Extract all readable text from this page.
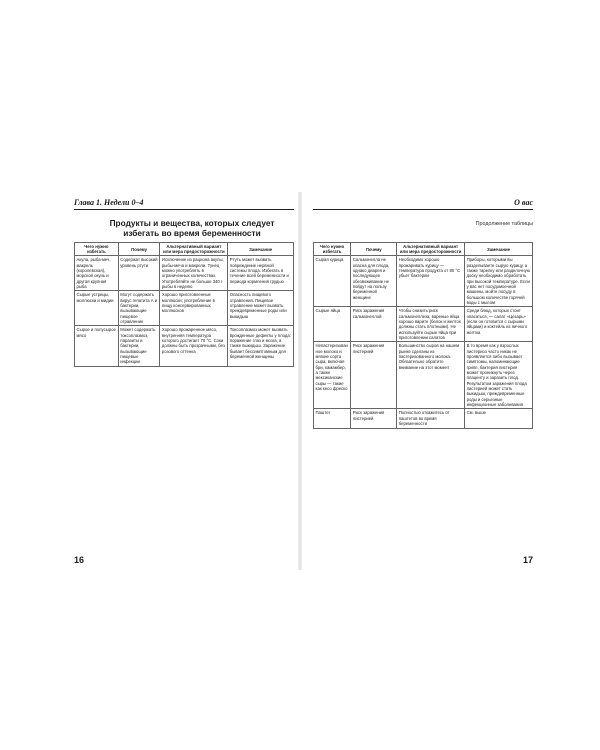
Глава 1. Недели 0–4
Продукты и вещества, которых следует избегать во время беременности
Чего нужно избегать	Почему	Альтернативный вариант или мера предосторожности	Замечание
Акула, рыба-меч, макрель (королевская), морской окунь и другая крупная рыба	Содержат высокий уровень ртути	Исключение из рациона акулы, рыбы-меча и макрели. Тунец можно употреблять в ограниченных количествах. Употребляйте не больше 340 г рыбы в неделю	Ртуть может вызвать повреждение нервной системы плода. Избегать в течение всей беременности и периода кормления грудью
Сырые устрицы, моллюски и мидии	Могут содержать вирус гепатита А и бактерии, вызывающие пищевое отравление	Хорошо приготовленные моллюски; употребление в пищу консервированных моллюсков	Опасность пищевого отравления. Пищевое отравление может вызвать преждевременные роды или выкидыш
Сырое и полусырое мясо	Может содержать токсоплазмоз, паразиты и бактерии, вызывающие пищевые инфекции	Хорошо прожаренное мясо, внутренняя температура которого достигает 70 °С. Соки должны быть прозрачными, без розового оттенка	Токсоплазмоз может вызвать врожденные дефекты у плода: поражение глаз и мозга, а также выкидыш. Заражение бывает бессимптомным для беременной женщины
16
О вас
Продолжение таблицы
Чего нужно избегать	Почему	Альтернативный вариант или мера предосторожности	Замечание
Сырая курица	Сальмонелла не опасна для плода, однако диарея и последующее обезвоживание не пойдут на пользу беременной женщине	Необходимо хорошо прожаривать курицу — температура продукта от 80 °С убьет бактерии	Приборы, которыми вы разделываете сырую курицу, а также тарелку или разделочную доску необходимо обработать при высокой температуре. Если у вас нет посудомоечной машины, мойте посуду в большом количестве горячей воды с мылом
Сырые яйца	Риск заражения сальмонеллой	Чтобы снизить риск сальмонеллеза, вареные яйца хорошо варите (белок и желток должны стать плотными). Не используйте сырые яйца при приготовлении салатов	Среди блюд, которых стоит опасаться, — салат «Цезарь» (если он готовится с сырыми яйцами) и коктейль из яичного желтка
Непастеризованное молоко и мягкие сорта сыра, включая бри, камамбер, а также мексиканские сыры — такие как кесо фреско	Риск заражения листерией	Большинство сыров на нашем рынке сделаны из пастеризованного молока. Обязательно обратите внимание на этот момент	В то время как у взрослых листериоз часто никак не проявляется либо вызывает симптомы, напоминающие грипп, бактерия листерия может проникнуть через плаценту и заразить плод. Результатом заражения плода листерией может стать выкидыш, преждевременные роды и серьезные инфекционные заболевания
Паштет	Риск заражения листерией	Полностью откажитесь от паштетов во время беременности	См. выше
17
